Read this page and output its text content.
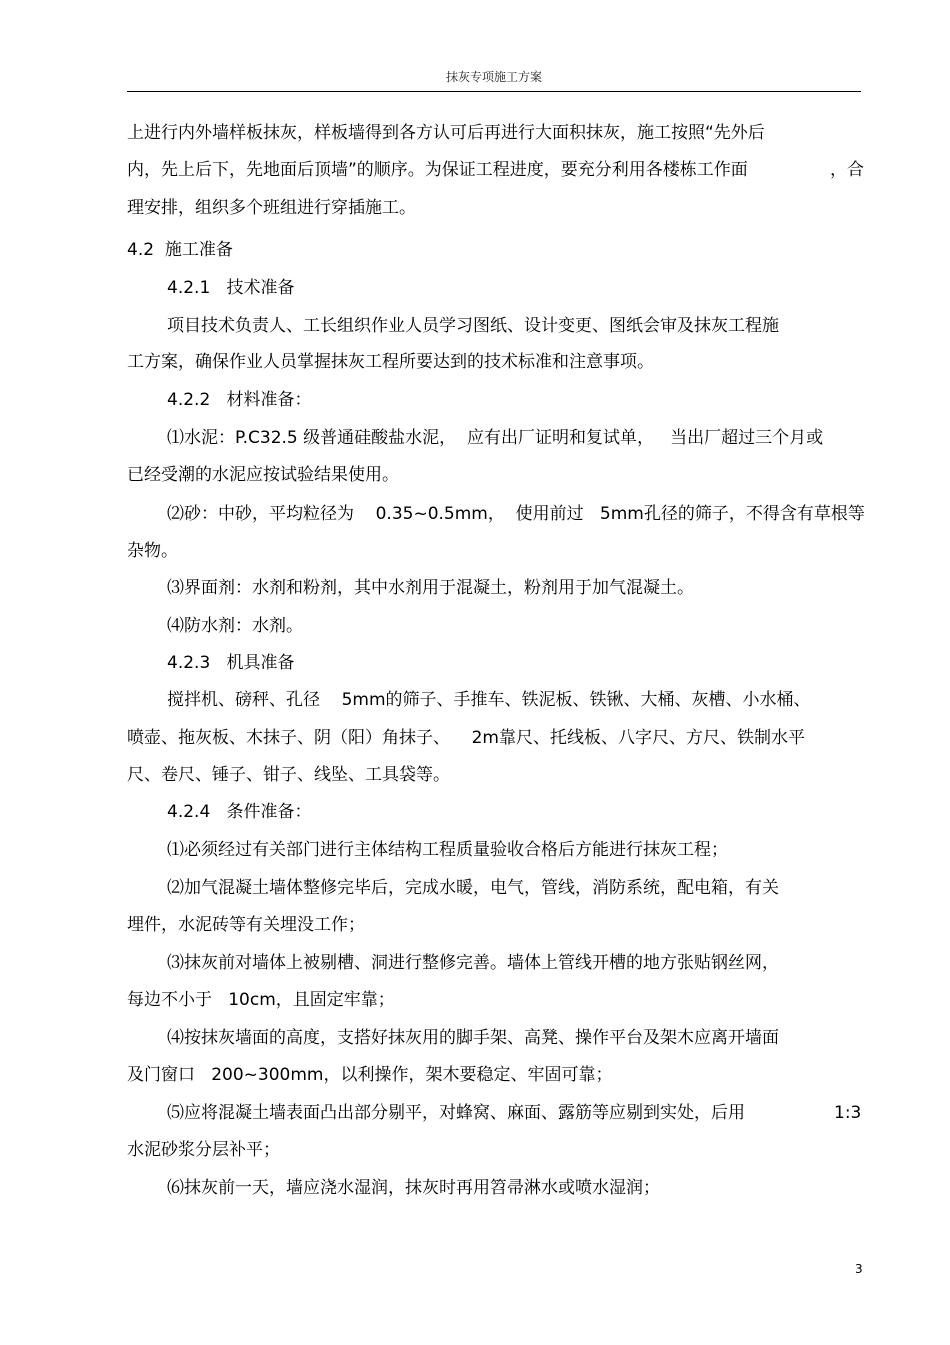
抹灰专项施工方案
上进行内外墙样板抹灰，样板墙得到各方认可后再进行大面积抹灰，施工按照“先外后
内，先上后下，先地面后顶墙”的顺序。为保证工程进度，要充分利用各楼栋工作面	，合
理安排，组织多个班组进行穿插施工。
4.2  施工准备
4.2.1   技术准备
项目技术负责人、工长组织作业人员学习图纸、设计变更、图纸会审及抹灰工程施
工方案，确保作业人员掌握抹灰工程所要达到的技术标准和注意事项。
4.2.2   材料准备：
⑴水泥：P.C32.5 级普通硅酸盐水泥，  应有出厂证明和复试单，   当出厂超过三个月或
已经受潮的水泥应按试验结果使用。
⑵砂：中砂，平均粒径为    0.35~0.5mm，  使用前过   5mm孔径的筛子，不得含有草根等
杂物。
⑶界面剂：水剂和粉剂，其中水剂用于混凝土，粉剂用于加气混凝土。
⑷防水剂：水剂。
4.2.3   机具准备
搅拌机、磅秤、孔径    5mm的筛子、手推车、铁泥板、铁锹、大桶、灰槽、小水桶、
喷壶、拖灰板、木抹子、阴（阳）角抹子、    2m靠尺、托线板、八字尺、方尺、铁制水平
尺、卷尺、锤子、钳子、线坠、工具袋等。
4.2.4   条件准备：
⑴必须经过有关部门进行主体结构工程质量验收合格后方能进行抹灰工程；
⑵加气混凝土墙体整修完毕后，完成水暖，电气，管线，消防系统，配电箱，有关
埋件，水泥砖等有关埋没工作；
⑶抹灰前对墙体上被剔槽、洞进行整修完善。墙体上管线开槽的地方张贴钢丝网，
每边不小于   10cm，且固定牢靠；
⑷按抹灰墙面的高度，支搭好抹灰用的脚手架、高凳、操作平台及架木应离开墙面
及门窗口   200~300mm，以利操作，架木要稳定、牢固可靠；
⑸应将混凝土墙表面凸出部分剔平，对蜂窝、麻面、露筋等应剔到实处，后用	1:3
水泥砂浆分层补平；
⑹抹灰前一天，墙应浇水湿润，抹灰时再用笤帚淋水或喷水湿润；
3
